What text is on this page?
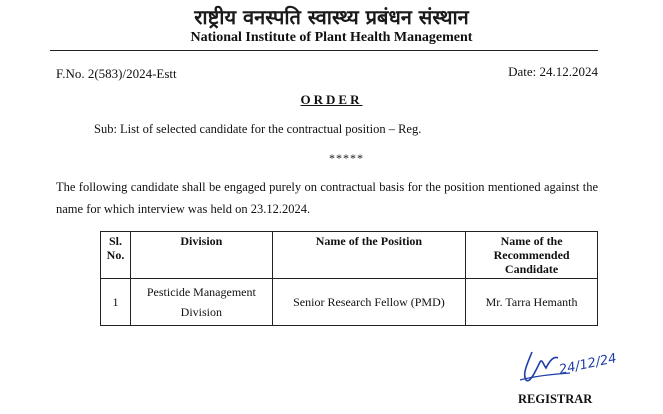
राष्ट्रीय वनस्पति स्वास्थ्य प्रबंधन संस्थान
National Institute of Plant Health Management
F.No. 2(583)/2024-Estt	Date: 24.12.2024
ORDER
Sub: List of selected candidate for the contractual position – Reg.
*****
The following candidate shall be engaged purely on contractual basis for the position mentioned against the name for which interview was held on 23.12.2024.
Sl. No.	Division	Name of the Position	Name of the Recommended Candidate
1	Pesticide Management Division	Senior Research Fellow (PMD)	Mr. Tarra Hemanth
24/12/24
REGISTRAR
